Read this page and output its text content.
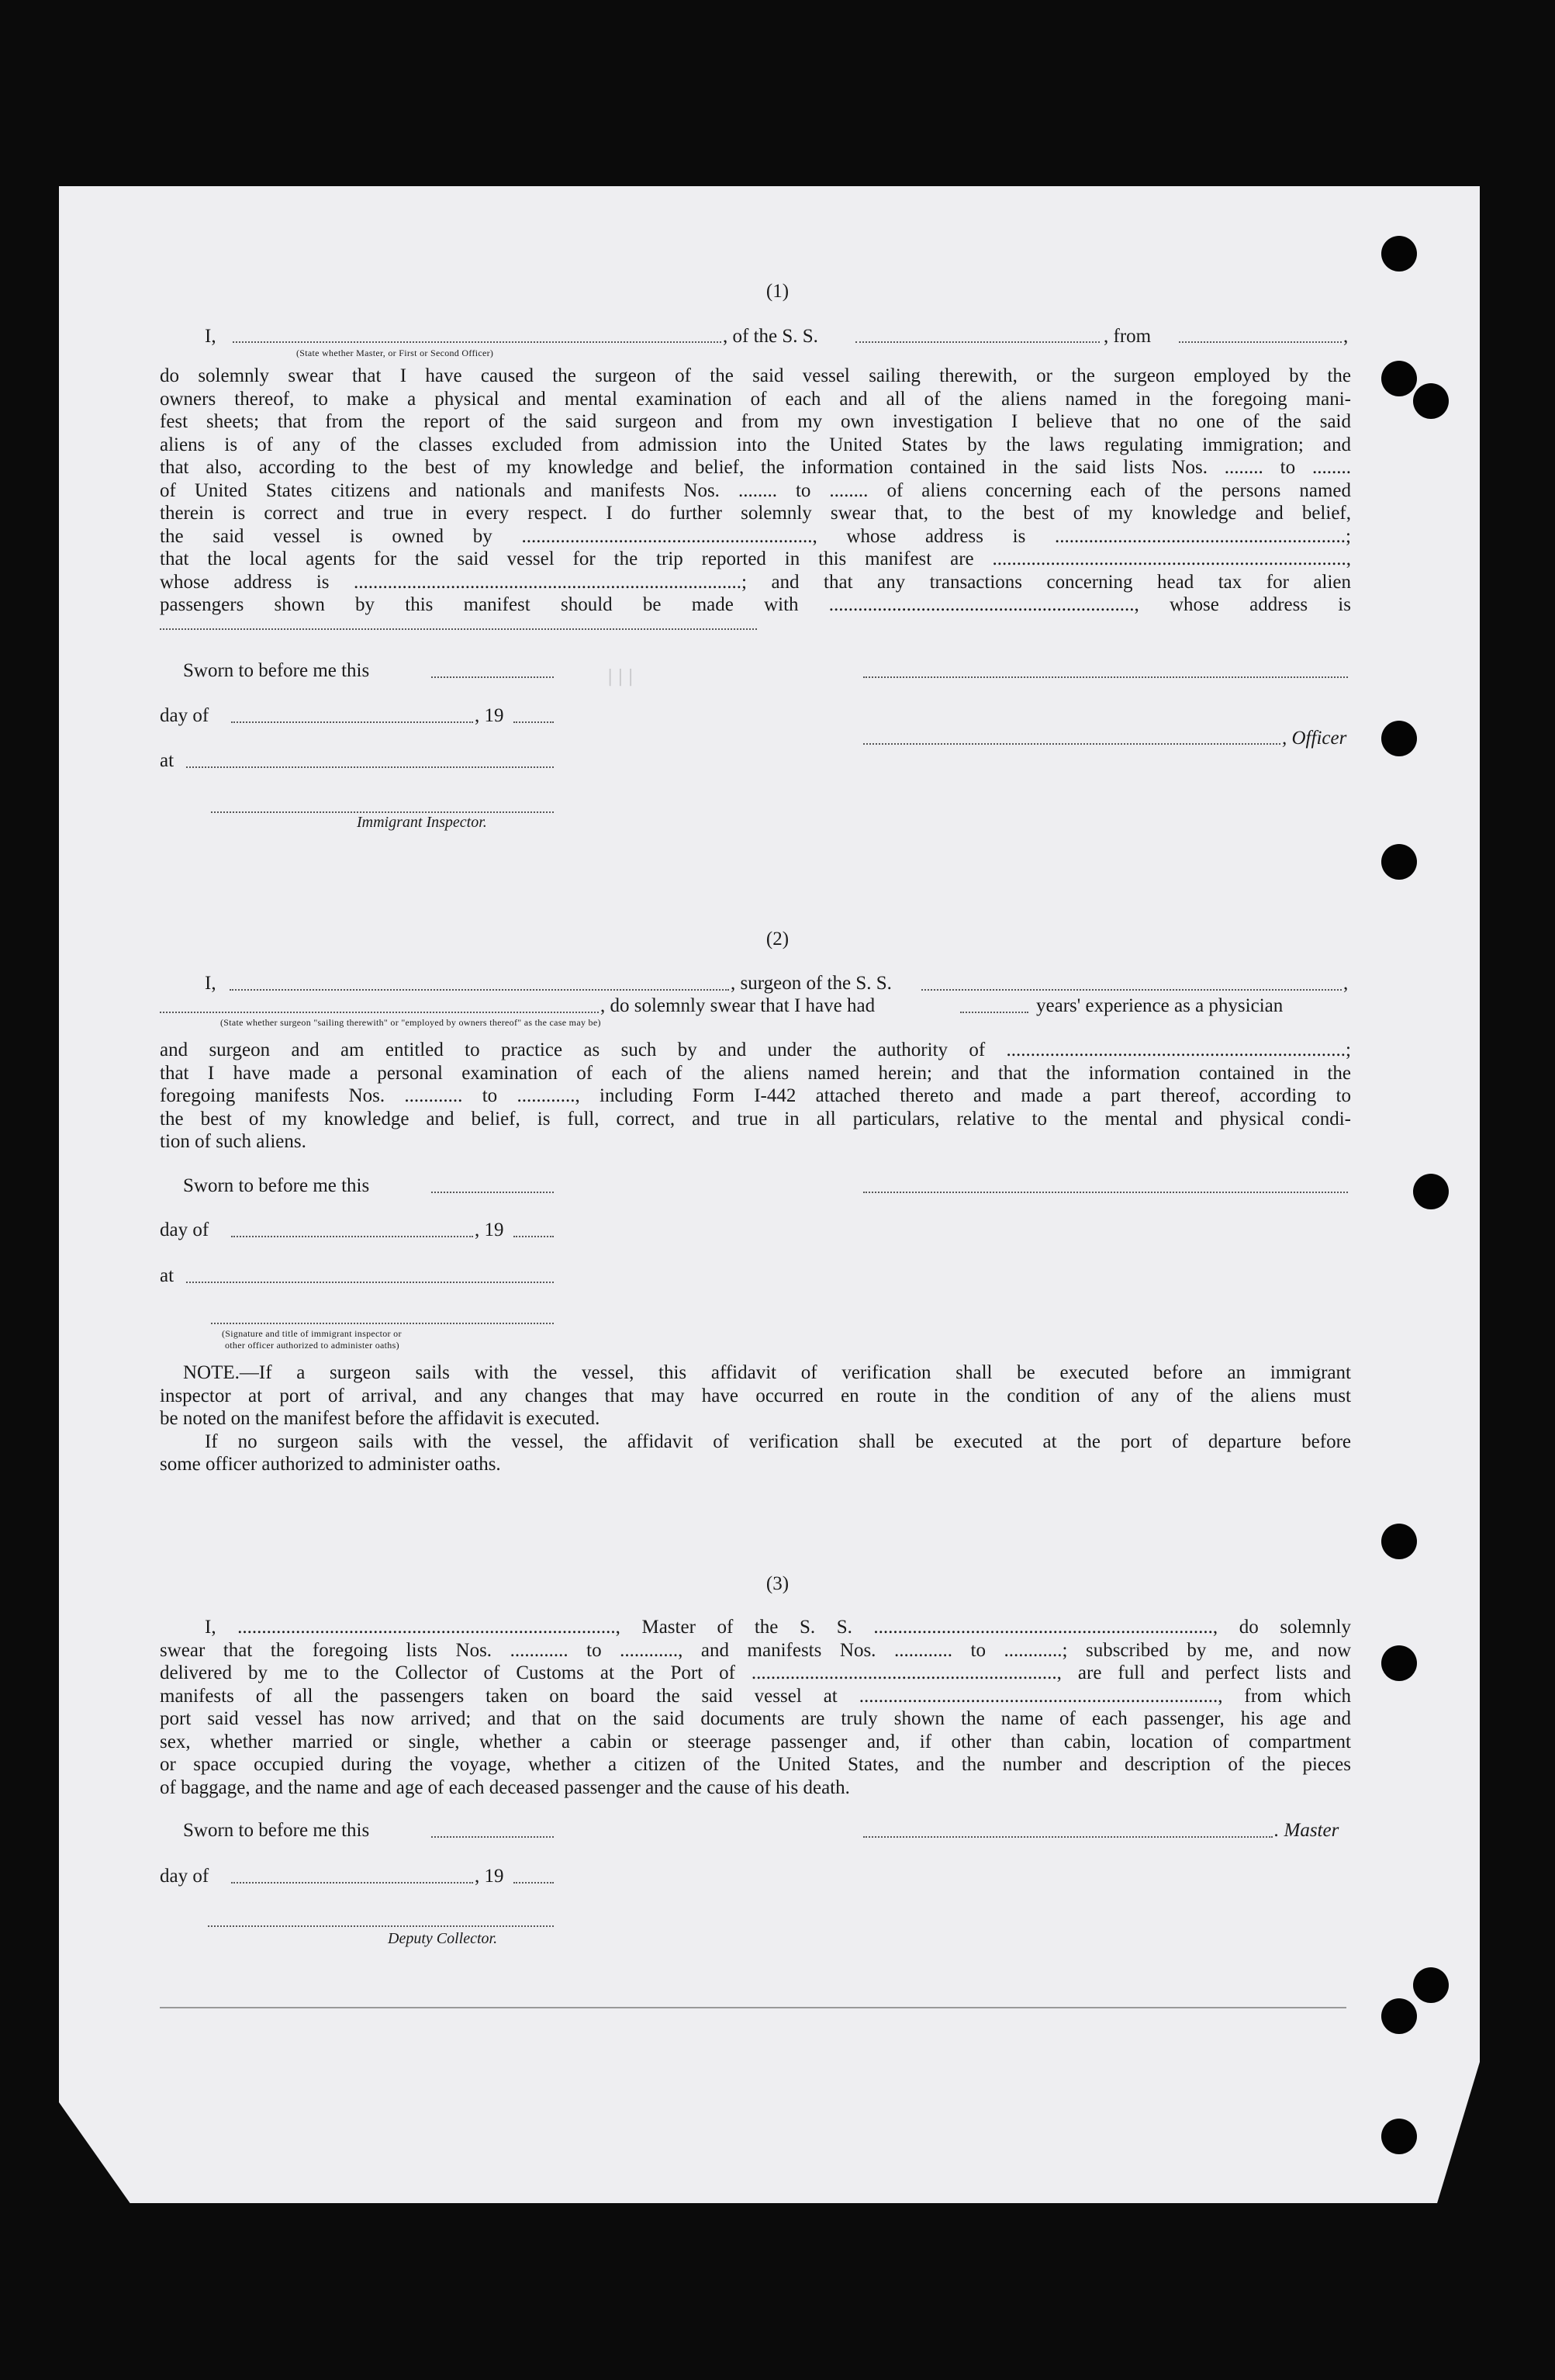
|||
(1)
I,	, of the S. S.	, from	,
(State whether Master, or First or Second Officer)
do solemnly swear that I have caused the surgeon of the said vessel sailing therewith, or the surgeon employed by the
owners thereof, to make a physical and mental examination of each and all of the aliens named in the foregoing mani-
fest sheets; that from the report of the said surgeon and from my own investigation I believe that no one of the said
aliens is of any of the classes excluded from admission into the United States by the laws regulating immigration; and
that also, according to the best of my knowledge and belief, the information contained in the said lists Nos. ........ to ........
of United States citizens and nationals and manifests Nos. ........ to ........ of aliens concerning each of the persons named
therein is correct and true in every respect. I do further solemnly swear that, to the best of my knowledge and belief,
the said vessel is owned by ............................................................, whose address is ............................................................;
that the local agents for the said vessel for the trip reported in this manifest are .........................................................................,
whose address is ................................................................................; and that any transactions concerning head tax for alien
passengers shown by this manifest should be made with ..............................................................., whose address is
Sworn to before me this
day of	, 19
, Officer
at
Immigrant Inspector.
(2)
I,	, surgeon of the S. S.	,
, do solemnly swear that I have had	years' experience as a physician
(State whether surgeon "sailing therewith" or "employed by owners thereof" as the case may be)
and surgeon and am entitled to practice as such by and under the authority of ......................................................................;
that I have made a personal examination of each of the aliens named herein; and that the information contained in the
foregoing manifests Nos. ............ to ............, including Form I-442 attached thereto and made a part thereof, according to
the best of my knowledge and belief, is full, correct, and true in all particulars, relative to the mental and physical condi-
tion of such aliens.
Sworn to before me this
day of	, 19
at
(Signature and title of immigrant inspector or
other officer authorized to administer oaths)
NOTE.—If a surgeon sails with the vessel, this affidavit of verification shall be executed before an immigrant
inspector at port of arrival, and any changes that may have occurred en route in the condition of any of the aliens must
be noted on the manifest before the affidavit is executed.
If no surgeon sails with the vessel, the affidavit of verification shall be executed at the port of departure before
some officer authorized to administer oaths.
(3)
I, .............................................................................., Master of the S. S. ......................................................................, do solemnly
swear that the foregoing lists Nos. ............ to ............, and manifests Nos. ............ to ............; subscribed by me, and now
delivered by me to the Collector of Customs at the Port of ..............................................................., are full and perfect lists and
manifests of all the passengers taken on board the said vessel at .........................................................................., from which
port said vessel has now arrived; and that on the said documents are truly shown the name of each passenger, his age and
sex, whether married or single, whether a cabin or steerage passenger and, if other than cabin, location of compartment
or space occupied during the voyage, whether a citizen of the United States, and the number and description of the pieces
of baggage, and the name and age of each deceased passenger and the cause of his death.
Sworn to before me this	. Master
day of	, 19
Deputy Collector.
